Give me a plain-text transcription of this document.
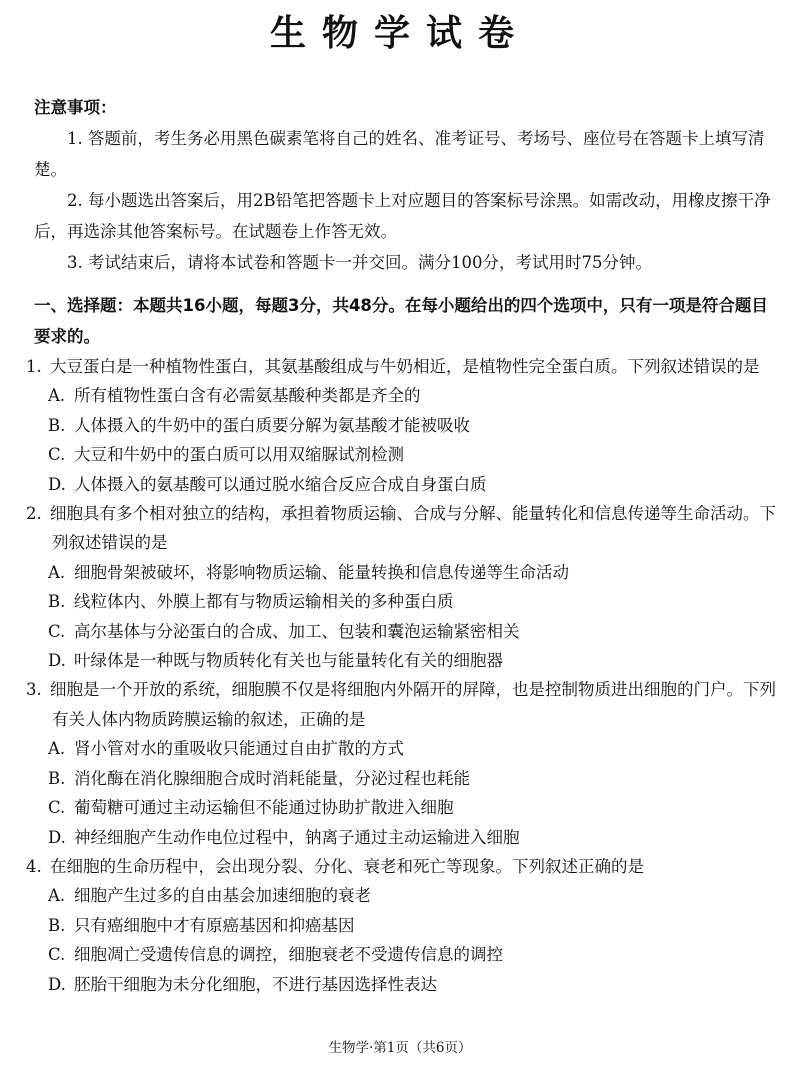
生物学试卷
注意事项：
1. 答题前，考生务必用黑色碳素笔将自己的姓名、准考证号、考场号、座位号在答题卡上填写清楚。
2. 每小题选出答案后，用2B铅笔把答题卡上对应题目的答案标号涂黑。如需改动，用橡皮擦干净后，再选涂其他答案标号。在试题卷上作答无效。
3. 考试结束后，请将本试卷和答题卡一并交回。满分100分，考试用时75分钟。
一、选择题：本题共16小题，每题3分，共48分。在每小题给出的四个选项中，只有一项是符合题目要求的。
1. 大豆蛋白是一种植物性蛋白，其氨基酸组成与牛奶相近，是植物性完全蛋白质。下列叙述错误的是
A. 所有植物性蛋白含有必需氨基酸种类都是齐全的
B. 人体摄入的牛奶中的蛋白质要分解为氨基酸才能被吸收
C. 大豆和牛奶中的蛋白质可以用双缩脲试剂检测
D. 人体摄入的氨基酸可以通过脱水缩合反应合成自身蛋白质
2. 细胞具有多个相对独立的结构，承担着物质运输、合成与分解、能量转化和信息传递等生命活动。下列叙述错误的是
A. 细胞骨架被破坏，将影响物质运输、能量转换和信息传递等生命活动
B. 线粒体内、外膜上都有与物质运输相关的多种蛋白质
C. 高尔基体与分泌蛋白的合成、加工、包装和囊泡运输紧密相关
D. 叶绿体是一种既与物质转化有关也与能量转化有关的细胞器
3. 细胞是一个开放的系统，细胞膜不仅是将细胞内外隔开的屏障，也是控制物质进出细胞的门户。下列有关人体内物质跨膜运输的叙述，正确的是
A. 肾小管对水的重吸收只能通过自由扩散的方式
B. 消化酶在消化腺细胞合成时消耗能量，分泌过程也耗能
C. 葡萄糖可通过主动运输但不能通过协助扩散进入细胞
D. 神经细胞产生动作电位过程中，钠离子通过主动运输进入细胞
4. 在细胞的生命历程中，会出现分裂、分化、衰老和死亡等现象。下列叙述正确的是
A. 细胞产生过多的自由基会加速细胞的衰老
B. 只有癌细胞中才有原癌基因和抑癌基因
C. 细胞凋亡受遗传信息的调控，细胞衰老不受遗传信息的调控
D. 胚胎干细胞为未分化细胞，不进行基因选择性表达
生物学·第1页（共6页）
